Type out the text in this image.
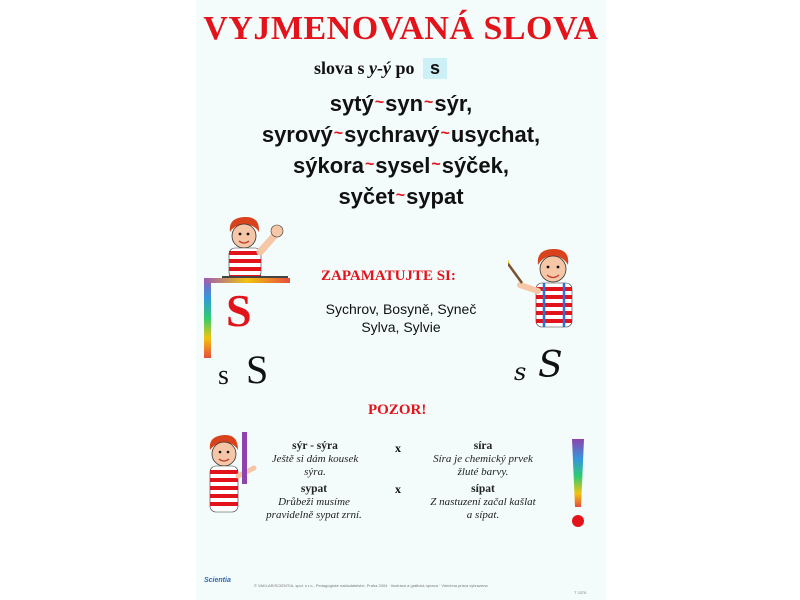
VYJMENOVANÁ SLOVA
slova s y-ý po s
sytý~syn~sýr,
syrový~sychravý~usychat,
sýkora~sysel~sýček,
syčet~sypat
S
s S
ZAPAMATUJTE SI:
Sychrov, Bosyně, Syneč
Sylva, Sylvie
s S
POZOR!
sýr - sýra
Ještě si dám kousek sýra.
x	síra
Síra je chemický prvek žluté barvy.
sypat
Drůbeži musíme pravidelně sypat zrní.
x	sípat
Z nastuzení začal kašlat a sípat.
Scientia
© VAKLAR/SCIENTIA, spol. s r.o., Pedagogické nakladatelství, Praha 2004 · Ilustrace a grafická úprava · Všechna práva vyhrazena
T 3378
